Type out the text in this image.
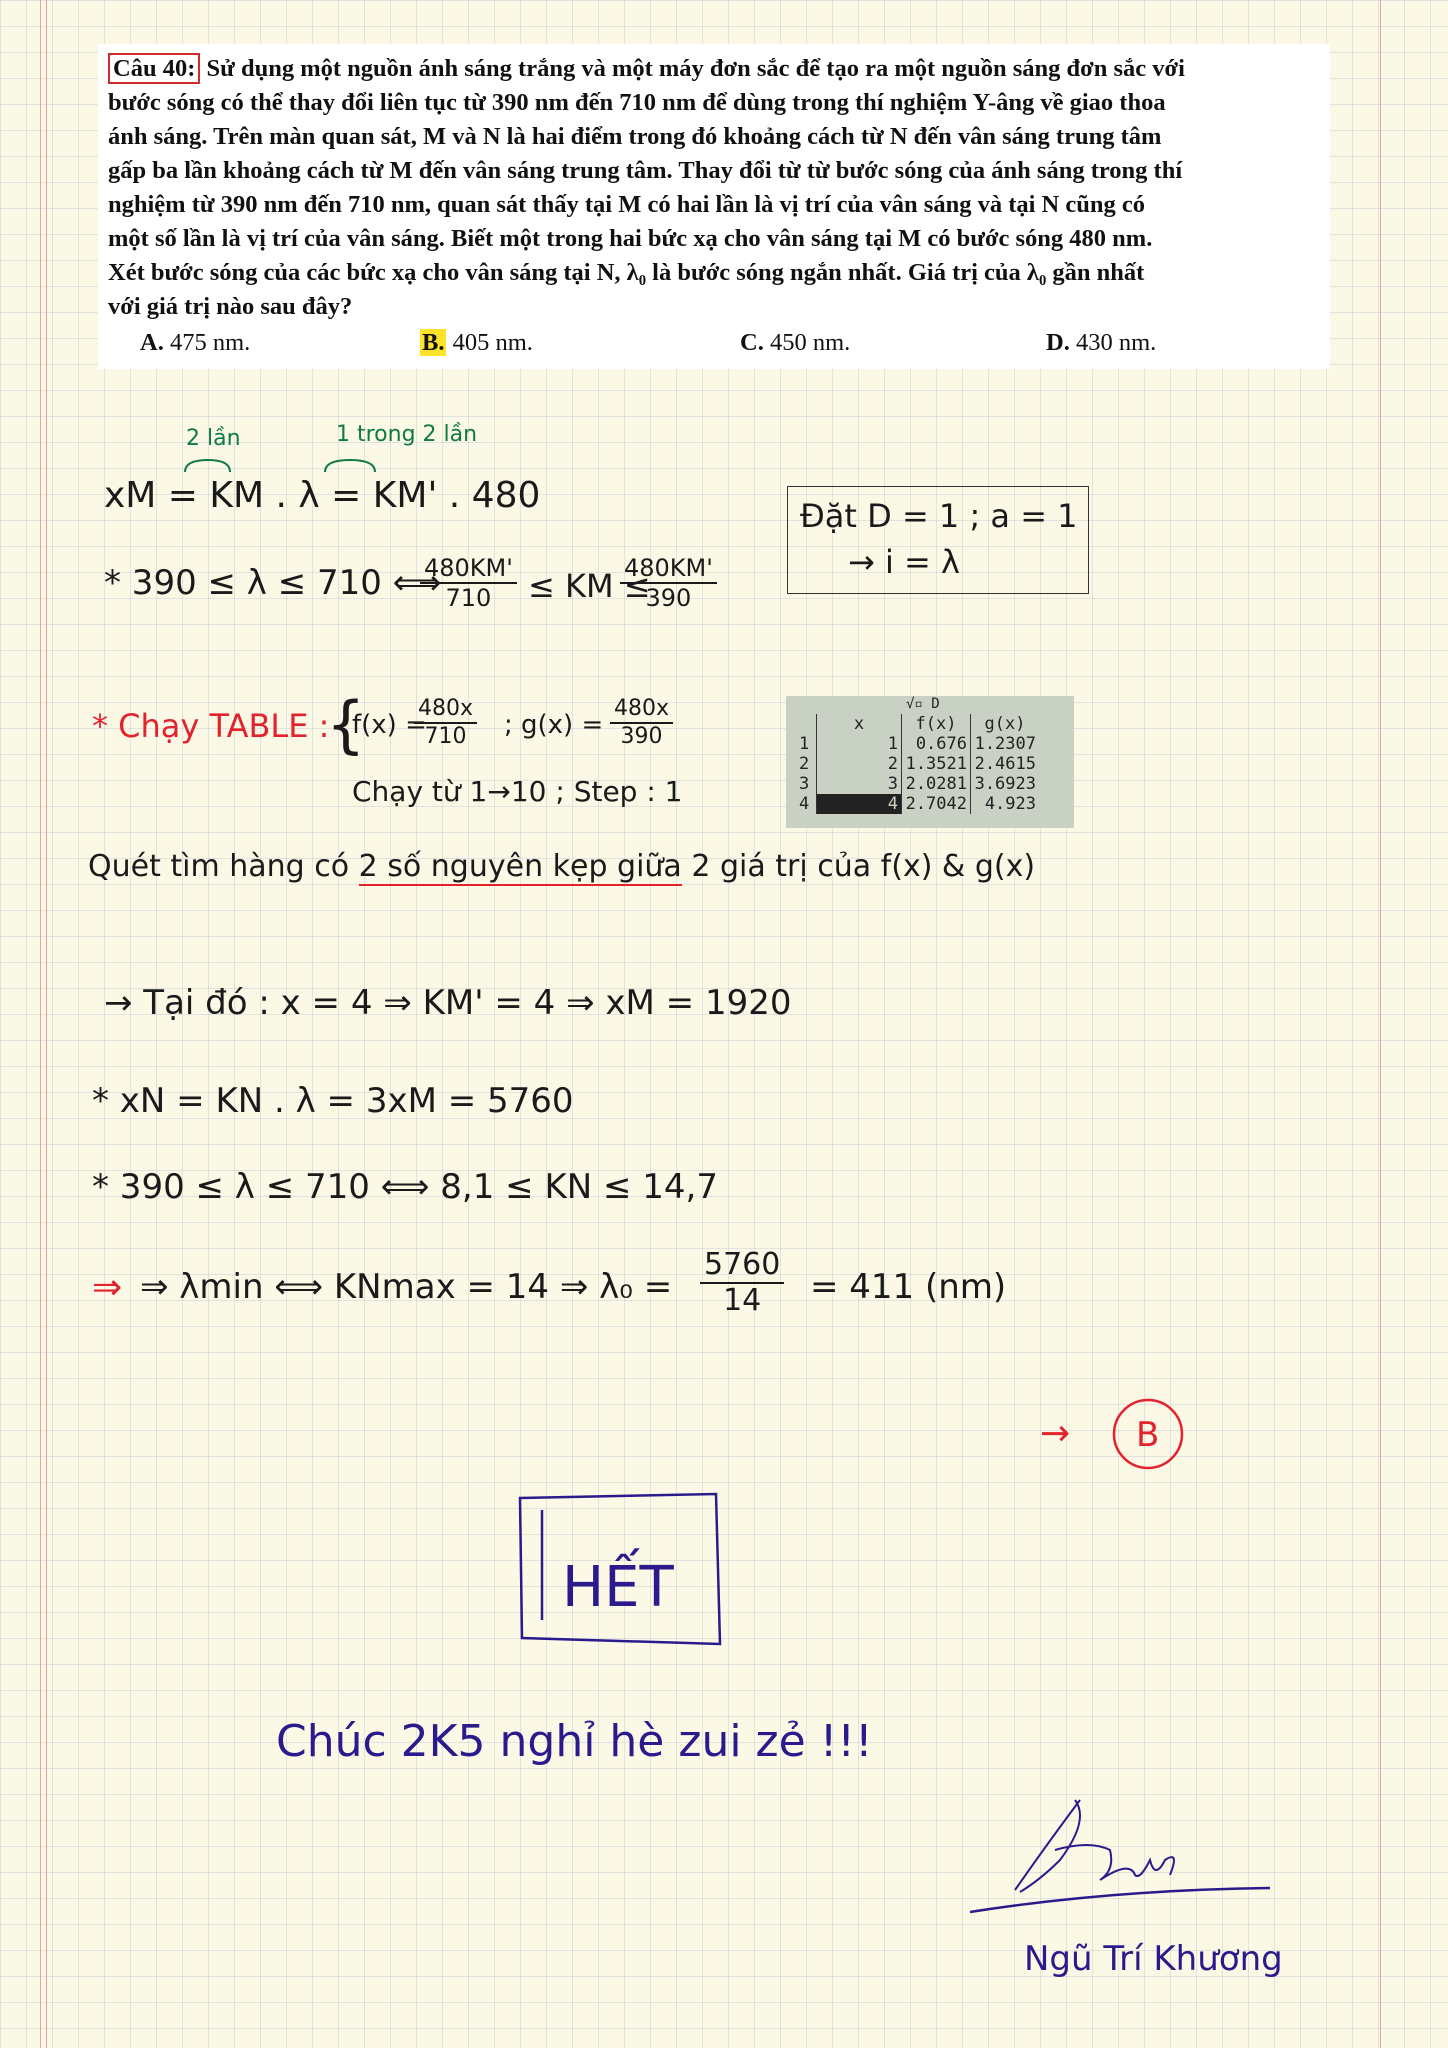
Câu 40: Sử dụng một nguồn ánh sáng trắng và một máy đơn sắc để tạo ra một nguồn sáng đơn sắc với
bước sóng có thể thay đổi liên tục từ 390 nm đến 710 nm để dùng trong thí nghiệm Y-âng về giao thoa
ánh sáng. Trên màn quan sát, M và N là hai điểm trong đó khoảng cách từ N đến vân sáng trung tâm
gấp ba lần khoảng cách từ M đến vân sáng trung tâm. Thay đổi từ từ bước sóng của ánh sáng trong thí
nghiệm từ 390 nm đến 710 nm, quan sát thấy tại M có hai lần là vị trí của vân sáng và tại N cũng có
một số lần là vị trí của vân sáng. Biết một trong hai bức xạ cho vân sáng tại M có bước sóng 480 nm.
Xét bước sóng của các bức xạ cho vân sáng tại N, λ₀ là bước sóng ngắn nhất. Giá trị của λ₀ gần nhất
với giá trị nào sau đây?
A. 475 nm.	B. 405 nm.	C. 450 nm.	D. 430 nm.
2 lần	1 trong 2 lần
xM = KM . λ = KM' . 480
* 390 ≤ λ ≤ 710 ⟺
$\frac{480KM'}{710}$ ≤ KM ≤
$\frac{480KM'}{390}$
Đặt D = 1 ; a = 1
→ i = λ
* Chạy TABLE :
{
f(x) =
$\frac{480x}{710}$ ; $g(x) = \frac{480x}{390}$
Chạy từ 1→10 ; Step : 1
√▫ D
	x	f(x)	g(x)
1	1	0.676	1.2307
2	2	1.3521	2.4615
3	3	2.0281	3.6923
4	4	2.7042	4.923
Quét tìm hàng có 2 số nguyên kẹp giữa 2 giá trị của f(x) & g(x)
→ Tại đó : x = 4 ⇒ KM' = 4 ⇒ xM = 1920
* xN = KN . λ = 3xM = 5760
* 390 ≤ λ ≤ 710 ⟺ 8,1 ≤ KN ≤ 14,7
⇒ ⇒ λmin ⟺ KNmax = 14 ⇒ $\lambda_0 = \frac{5760}{14} = 411$ (nm)
→ B
HẾT
Chúc 2K5 nghỉ hè zui zẻ !!!
Ngũ Trí Khương
